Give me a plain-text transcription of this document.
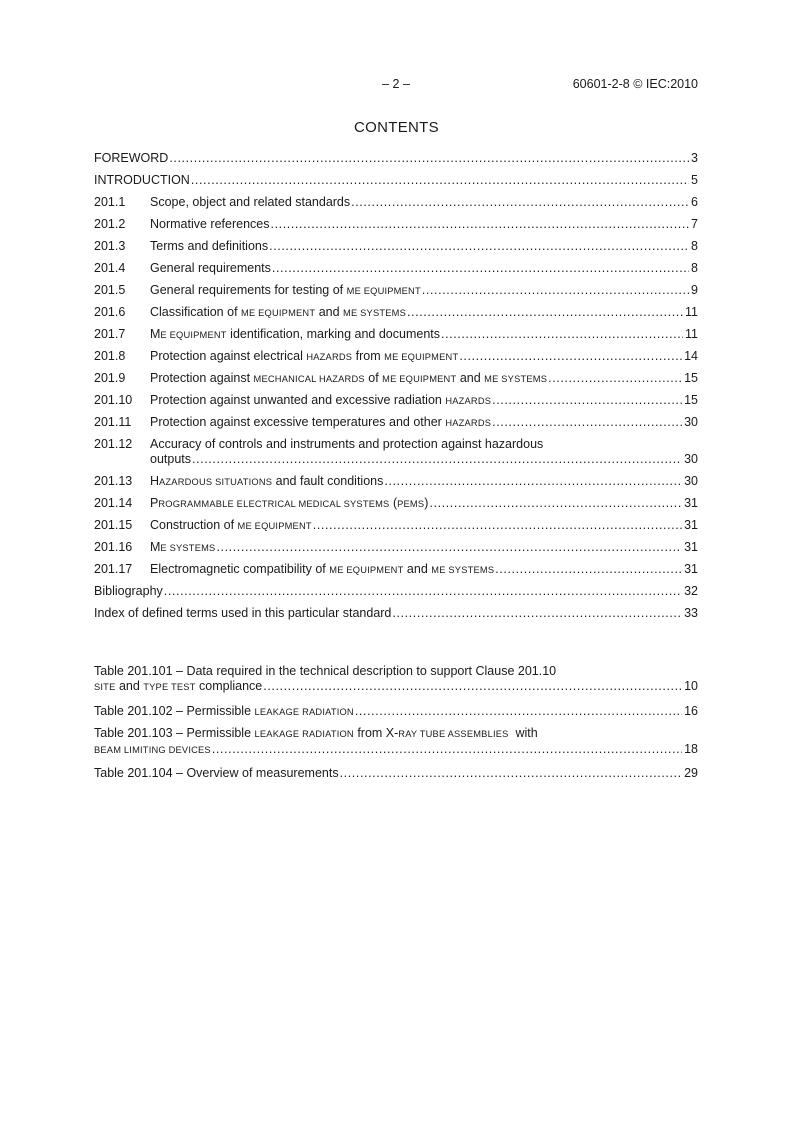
– 2 –	60601-2-8 © IEC:2010
CONTENTS
FOREWORD .....	3
INTRODUCTION .....	5
201.1	Scope, object and related standards .....	6
201.2	Normative references .....	7
201.3	Terms and definitions .....	8
201.4	General requirements .....	8
201.5	General requirements for testing of ME EQUIPMENT .....	9
201.6	Classification of ME EQUIPMENT and ME SYSTEMS .....	11
201.7	ME EQUIPMENT identification, marking and documents .....	11
201.8	Protection against electrical HAZARDS from ME EQUIPMENT .....	14
201.9	Protection against MECHANICAL HAZARDS of ME EQUIPMENT and ME SYSTEMS .....	15
201.10	Protection against unwanted and excessive radiation HAZARDS .....	15
201.11	Protection against excessive temperatures and other HAZARDS .....	30
201.12	Accuracy of controls and instruments and protection against hazardous
outputs .....	30
201.13	HAZARDOUS SITUATIONS and fault conditions .....	30
201.14	PROGRAMMABLE ELECTRICAL MEDICAL SYSTEMS (PEMS) .....	31
201.15	Construction of ME EQUIPMENT .....	31
201.16	ME SYSTEMS .....	31
201.17	Electromagnetic compatibility of ME EQUIPMENT and ME SYSTEMS .....	31
Bibliography .....	32
Index of defined terms used in this particular standard .....	33
Table 201.101 – Data required in the technical description to support Clause 201.10
SITE and TYPE TEST compliance .....	10
Table 201.102 – Permissible LEAKAGE RADIATION .....	16
Table 201.103 – Permissible LEAKAGE RADIATION from X-RAY TUBE ASSEMBLIES  with
BEAM LIMITING DEVICES .....	18
Table 201.104 – Overview of measurements .....	29
